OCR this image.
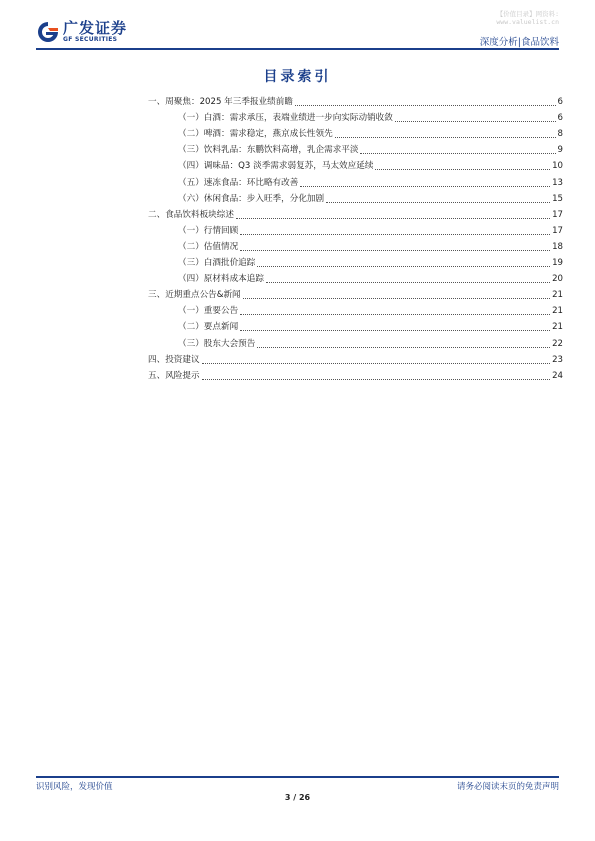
广发证券
GF SECURITIES
【价值目录】网资料:
www.valuelist.cn
深度分析|食品饮料
目录索引
一、周聚焦：2025 年三季报业绩前瞻	6
（一）白酒：需求承压，表端业绩进一步向实际动销收敛	6
（二）啤酒：需求稳定，燕京成长性领先	8
（三）饮料乳品：东鹏饮料高增，乳企需求平淡	9
（四）调味品：Q3 淡季需求弱复苏，马太效应延续	10
（五）速冻食品：环比略有改善	13
（六）休闲食品：步入旺季，分化加剧	15
二、食品饮料板块综述	17
（一）行情回顾	17
（二）估值情况	18
（三）白酒批价追踪	19
（四）原材料成本追踪	20
三、近期重点公告&新闻	21
（一）重要公告	21
（二）要点新闻	21
（三）股东大会预告	22
四、投资建议	23
五、风险提示	24
识别风险，发现价值	请务必阅读末页的免责声明
3 / 26
